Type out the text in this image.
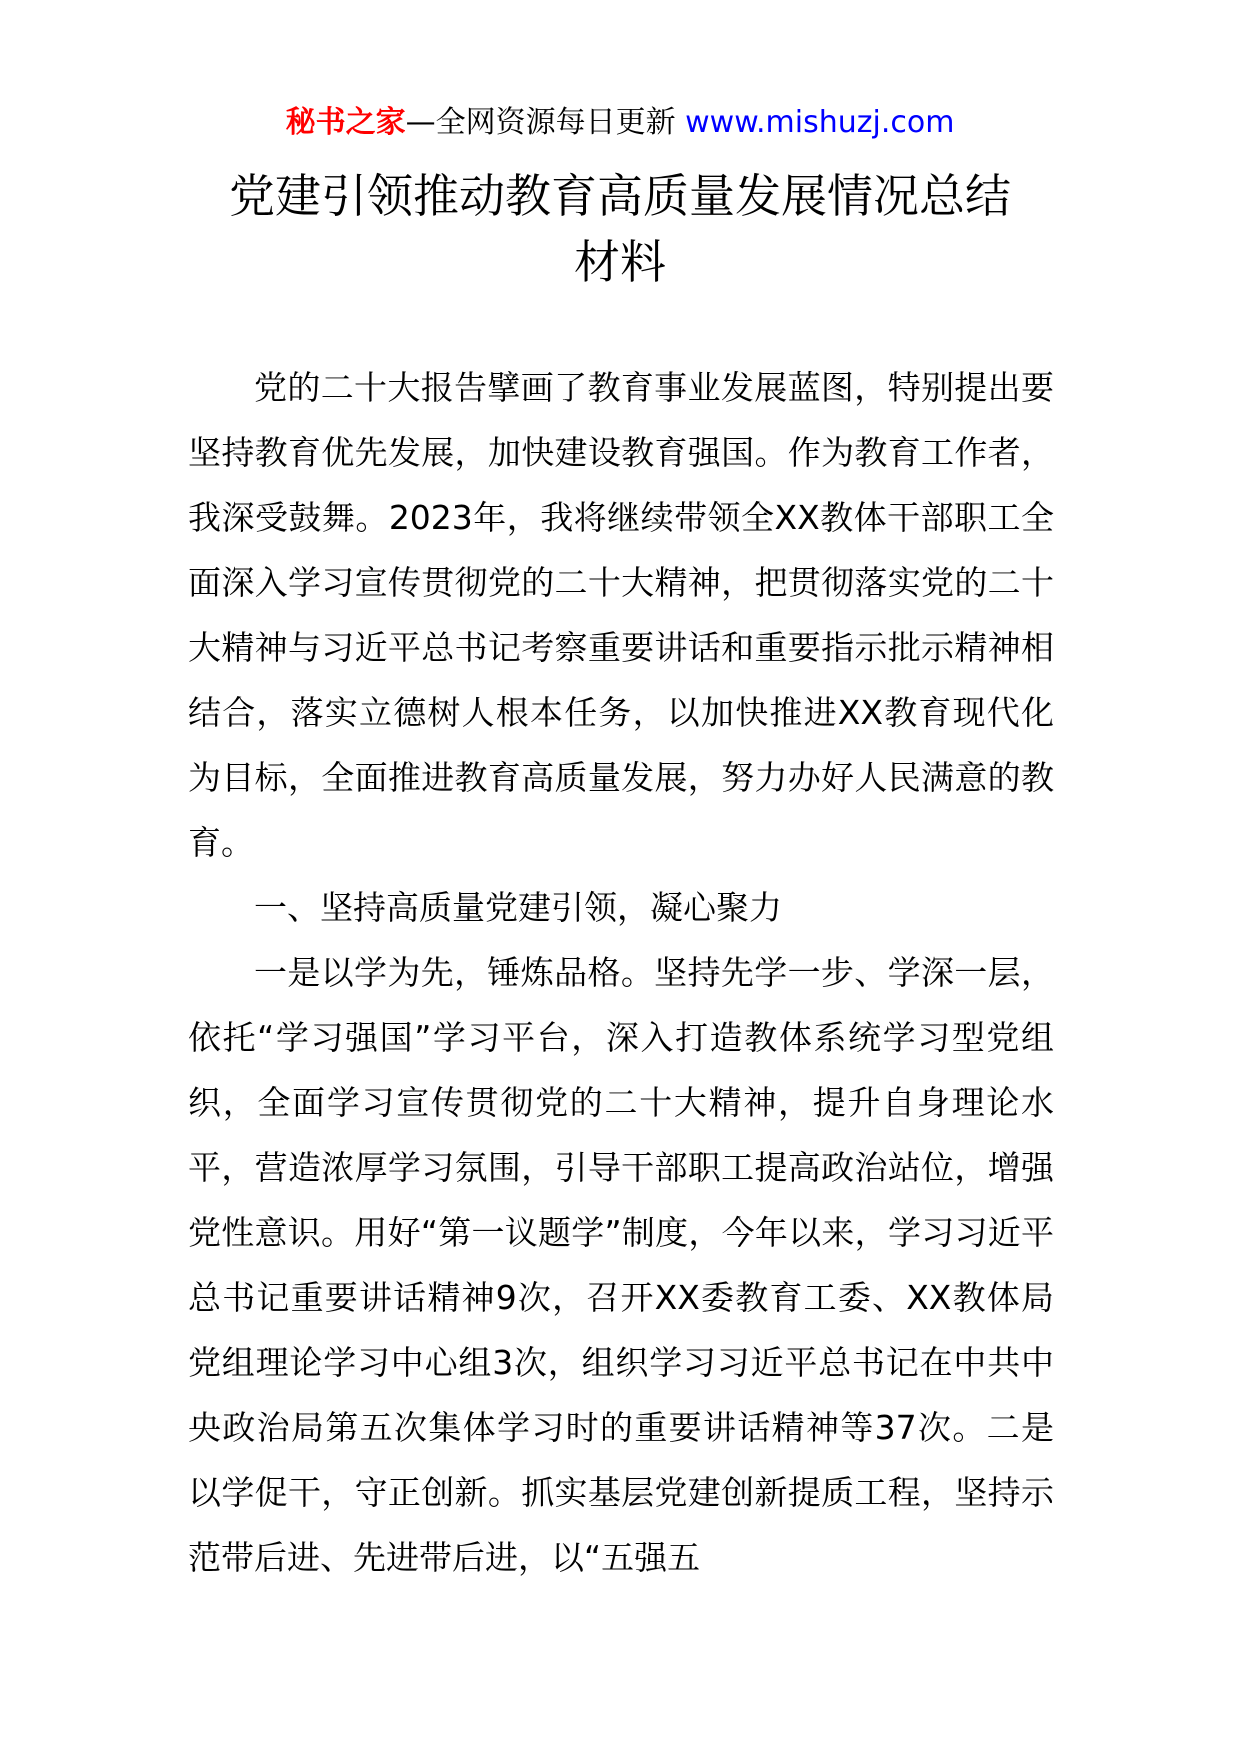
秘书之家—全网资源每日更新 www.mishuzj.com
党建引领推动教育高质量发展情况总结
材料

党的二十大报告擘画了教育事业发展蓝图，特别提出要坚持教育优先发展，加快建设教育强国。作为教育工作者，我深受鼓舞。2023年，我将继续带领全XX教体干部职工全面深入学习宣传贯彻党的二十大精神，把贯彻落实党的二十大精神与习近平总书记考察重要讲话和重要指示批示精神相结合，落实立德树人根本任务，以加快推进XX教育现代化为目标，全面推进教育高质量发展，努力办好人民满意的教育。

一、坚持高质量党建引领，凝心聚力

一是以学为先，锤炼品格。坚持先学一步、学深一层，依托“学习强国”学习平台，深入打造教体系统学习型党组织，全面学习宣传贯彻党的二十大精神，提升自身理论水平，营造浓厚学习氛围，引导干部职工提高政治站位，增强党性意识。用好“第一议题学”制度，今年以来，学习习近平总书记重要讲话精神9次，召开XX委教育工委、XX教体局党组理论学习中心组3次，组织学习习近平总书记在中共中央政治局第五次集体学习时的重要讲话精神等37次。二是以学促干，守正创新。抓实基层党建创新提质工程，坚持示范带后进、先进带后进，以“五强五
